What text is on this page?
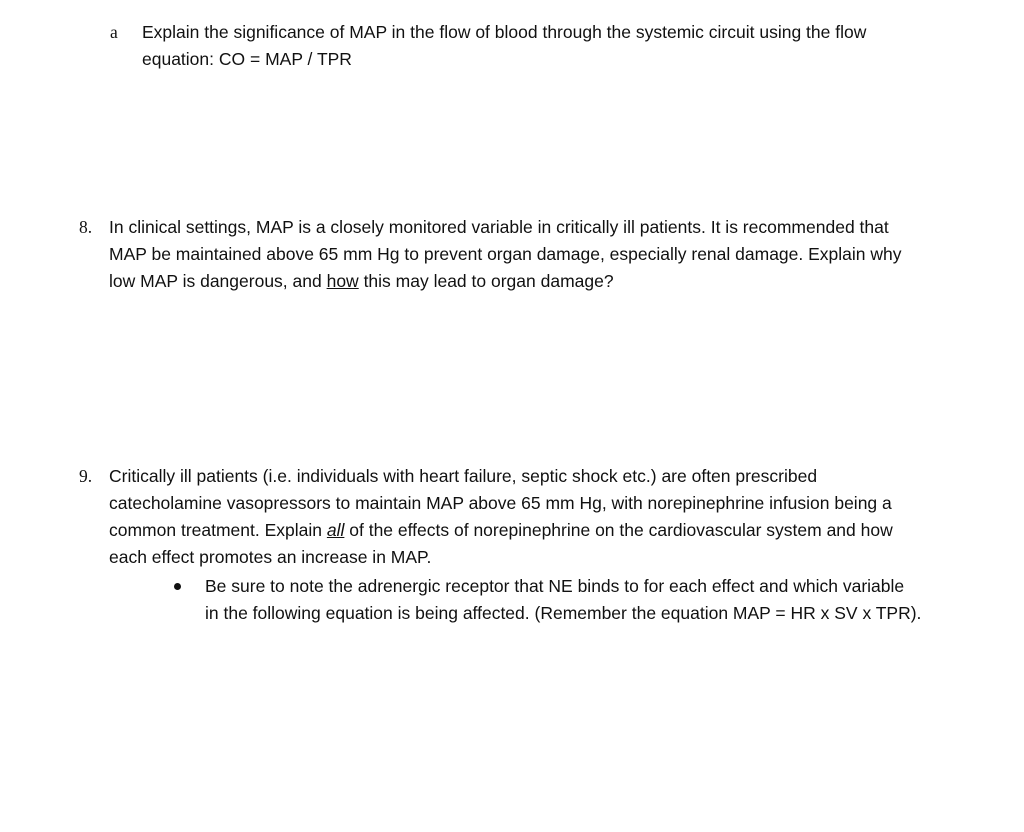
a Explain the significance of MAP in the flow of blood through the systemic circuit using the flow
equation: CO = MAP / TPR
8. In clinical settings, MAP is a closely monitored variable in critically ill patients. It is recommended that
MAP be maintained above 65 mm Hg to prevent organ damage, especially renal damage. Explain why
low MAP is dangerous, and how this may lead to organ damage?
9. Critically ill patients (i.e. individuals with heart failure, septic shock etc.) are often prescribed
catecholamine vasopressors to maintain MAP above 65 mm Hg, with norepinephrine infusion being a
common treatment. Explain all of the effects of norepinephrine on the cardiovascular system and how
each effect promotes an increase in MAP.
Be sure to note the adrenergic receptor that NE binds to for each effect and which variable
in the following equation is being affected. (Remember the equation MAP = HR x SV x TPR).
